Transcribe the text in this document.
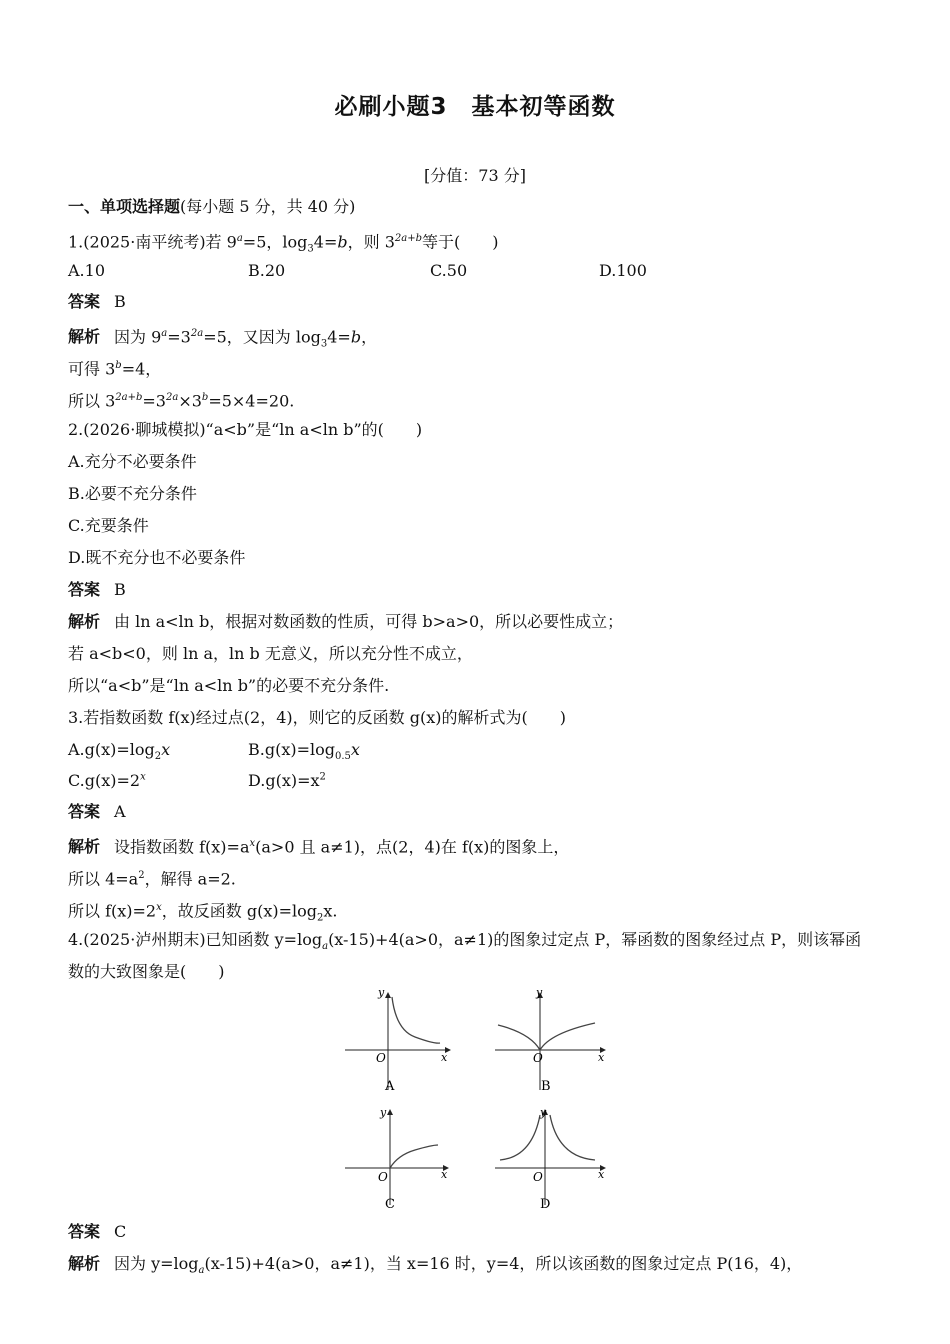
必刷小题3　基本初等函数
[分值：73 分]
一、单项选择题(每小题 5 分，共 40 分)
1.(2025·南平统考)若 $9^a=5$，$\log_34=b$，则 $3^{2a+b}$等于(　　)
A.10	B.20	C.50	D.100
答案 B
解析 因为 $9^a=3^{2a}=5$，又因为 $\log_34=b$，
可得 $3^b=4$，
所以 $3^{2a+b}=3^{2a}\times 3^b=5\times 4=20$.
2.(2026·聊城模拟)“a<b”是“ln a<ln b”的(　　)
A.充分不必要条件
B.必要不充分条件
C.充要条件
D.既不充分也不必要条件
答案 B
解析 由 ln a<ln b，根据对数函数的性质，可得 b>a>0，所以必要性成立；
若 a<b<0，则 ln a，ln b 无意义，所以充分性不成立，
所以“a<b”是“ln a<ln b”的必要不充分条件.
3.若指数函数 f(x)经过点(2，4)，则它的反函数 g(x)的解析式为(　　)
$A.g(x)=\log_2x$	$B.g(x)=\log_{0.5}x$
$C.g(x)=2^x$	$D.g(x)=x^2$
答案 A
解析 设指数函数 $f(x)=a^x(a>0$ 且 a≠1)，点(2，4)在 f(x)的图象上，
所以 $4=a^2$，解得 a=2.
所以 $f(x)=2^x$，故反函数 $g(x)=\log_2x$.
4.(2025·泸州期末)已知函数 $y=\log_a(x-15)+4(a>0$，a≠1)的图象过定点 P，幂函数的图象经过点 P，则该幂函
数的大致图象是(　　)
y
x
O
A
y
x
O
B
y
x
O
C
y
x
O
D
答案 C
解析 因为 $y=\log_a(x-15)+4(a>0$，a≠1)，当 x=16 时，y=4，所以该函数的图象过定点 P(16，4)，
